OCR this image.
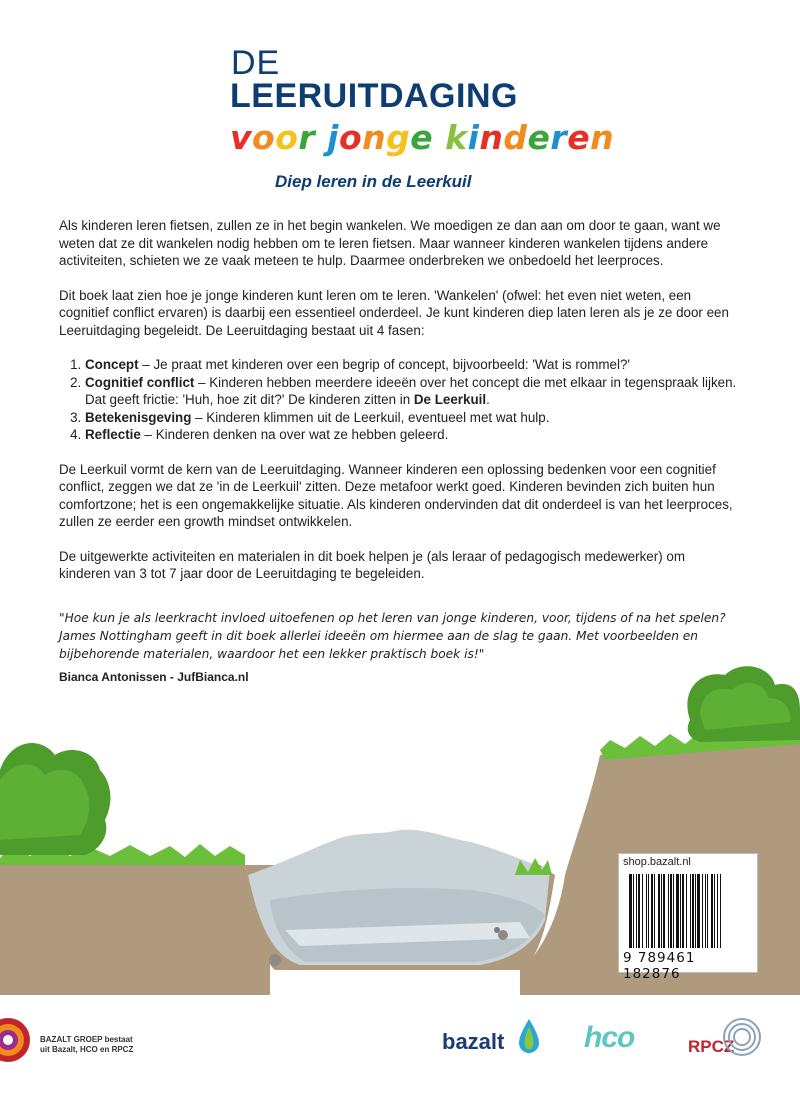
DE
LEERUITDAGING
voor jonge kinderen
Diep leren in de Leerkuil

Als kinderen leren fietsen, zullen ze in het begin wankelen. We moedigen ze dan aan om door te gaan, want we weten dat ze dit wankelen nodig hebben om te leren fietsen. Maar wanneer kinderen wankelen tijdens andere activiteiten, schieten we ze vaak meteen te hulp. Daarmee onderbreken we onbedoeld het leerproces.

Dit boek laat zien hoe je jonge kinderen kunt leren om te leren. 'Wankelen' (ofwel: het even niet weten, een cognitief conflict ervaren) is daarbij een essentieel onderdeel. Je kunt kinderen diep laten leren als je ze door een Leeruitdaging begeleidt. De Leeruitdaging bestaat uit 4 fasen:

1. Concept – Je praat met kinderen over een begrip of concept, bijvoorbeeld: 'Wat is rommel?'
2. Cognitief conflict – Kinderen hebben meerdere ideeën over het concept die met elkaar in tegenspraak lijken. Dat geeft frictie: 'Huh, hoe zit dit?' De kinderen zitten in De Leerkuil.
3. Betekenisgeving – Kinderen klimmen uit de Leerkuil, eventueel met wat hulp.
4. Reflectie – Kinderen denken na over wat ze hebben geleerd.

De Leerkuil vormt de kern van de Leeruitdaging. Wanneer kinderen een oplossing bedenken voor een cognitief conflict, zeggen we dat ze 'in de Leerkuil' zitten. Deze metafoor werkt goed. Kinderen bevinden zich buiten hun comfortzone; het is een ongemakkelijke situatie. Als kinderen ondervinden dat dit onderdeel is van het leerproces, zullen ze eerder een growth mindset ontwikkelen.

De uitgewerkte activiteiten en materialen in dit boek helpen je (als leraar of pedagogisch medewerker) om kinderen van 3 tot 7 jaar door de Leeruitdaging te begeleiden.

"Hoe kun je als leerkracht invloed uitoefenen op het leren van jonge kinderen, voor, tijdens of na het spelen? James Nottingham geeft in dit boek allerlei ideeën om hiermee aan de slag te gaan. Met voorbeelden en bijbehorende materialen, waardoor het een lekker praktisch boek is!"
Bianca Antonissen - JufBianca.nl
shop.bazalt.nl
9 789461 182876
BAZALT GROEP bestaat
uit Bazalt, HCO en RPCZ	bazalt	hco	RPCZ
